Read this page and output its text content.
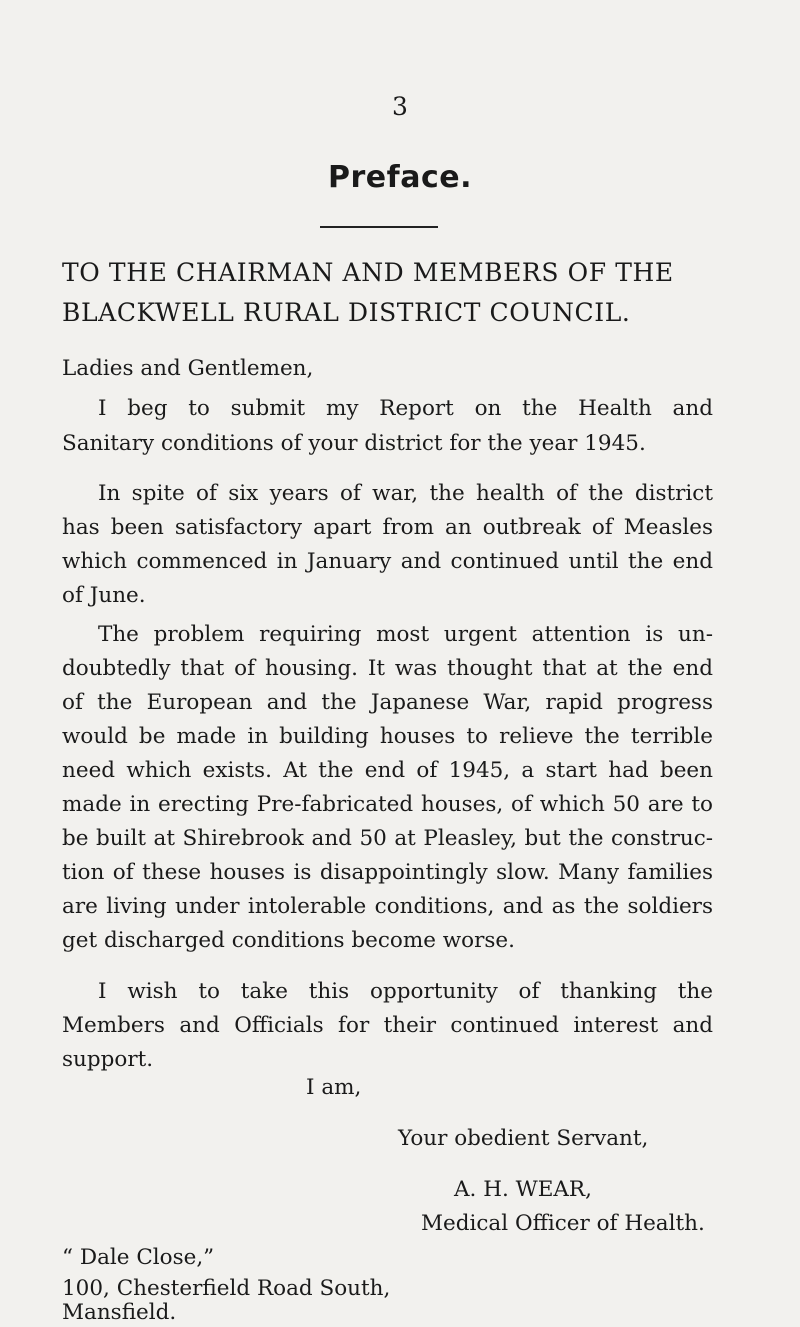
3
Preface.
TO THE CHAIRMAN AND MEMBERS OF THE
BLACKWELL RURAL DISTRICT COUNCIL.
Ladies and Gentlemen,
I beg to submit my Report on the Health and
Sanitary conditions of your district for the year 1945.
In spite of six years of war, the health of the district
has been satisfactory apart from an outbreak of Measles
which commenced in January and continued until the end
of June.
The problem requiring most urgent attention is un-
doubtedly that of housing. It was thought that at the end
of the European and the Japanese War, rapid progress
would be made in building houses to relieve the terrible
need which exists. At the end of 1945, a start had been
made in erecting Pre-fabricated houses, of which 50 are to
be built at Shirebrook and 50 at Pleasley, but the construc-
tion of these houses is disappointingly slow. Many families
are living under intolerable conditions, and as the soldiers
get discharged conditions become worse.
I wish to take this opportunity of thanking the
Members and Officials for their continued interest and
support.
I am,
Your obedient Servant,
A. H. WEAR,
Medical Officer of Health.
“ Dale Close,”
100, Chesterfield Road South,
Mansfield.
